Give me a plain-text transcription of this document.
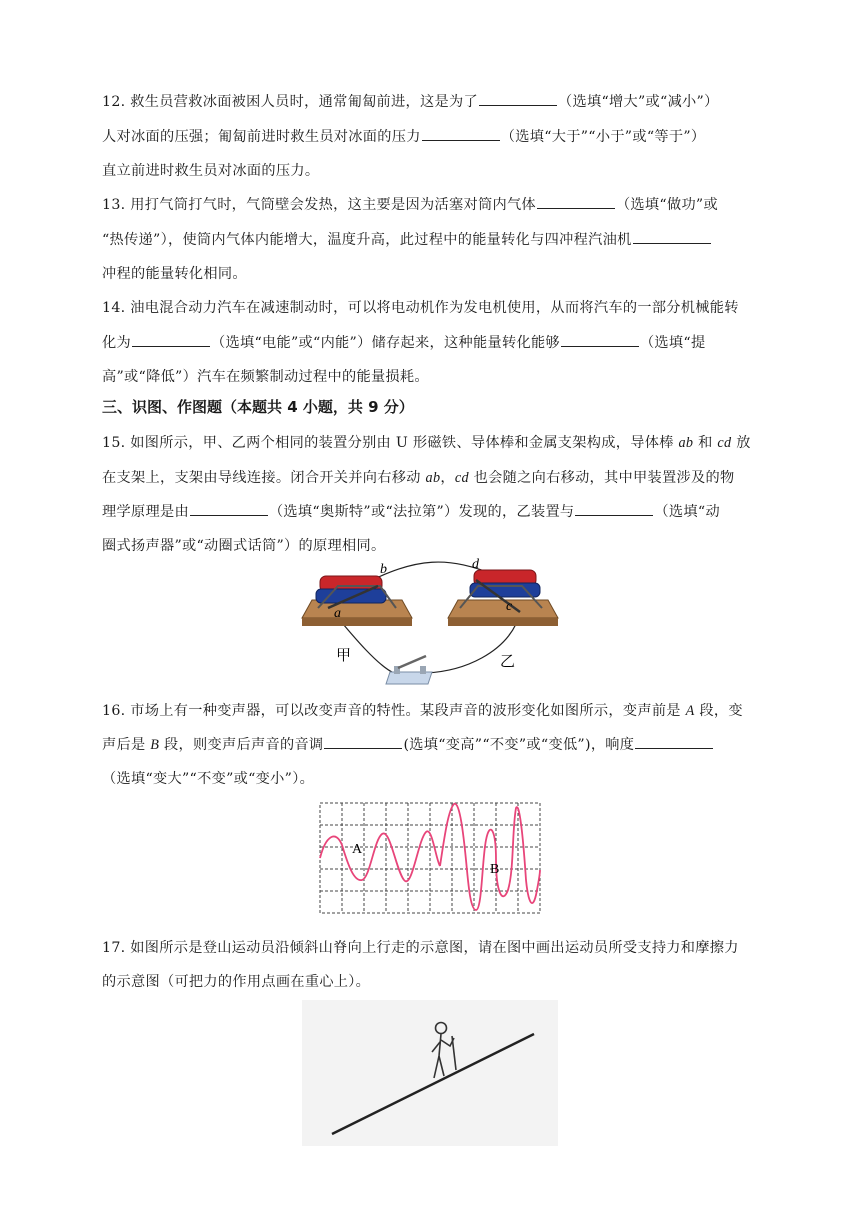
12. 救生员营救冰面被困人员时，通常匍匐前进，这是为了	（选填“增大”或“减小”）
人对冰面的压强；匍匐前进时救生员对冰面的压力	（选填“大于”“小于”或“等于”）
直立前进时救生员对冰面的压力。
13. 用打气筒打气时，气筒壁会发热，这主要是因为活塞对筒内气体	（选填“做功”或
“热传递”），使筒内气体内能增大，温度升高，此过程中的能量转化与四冲程汽油机
冲程的能量转化相同。
14. 油电混合动力汽车在减速制动时，可以将电动机作为发电机使用，从而将汽车的一部分机械能转
化为	（选填“电能”或“内能”）储存起来，这种能量转化能够	（选填“提
高”或“降低”）汽车在频繁制动过程中的能量损耗。
三、识图、作图题（本题共 4 小题，共 9 分）
15. 如图所示，甲、乙两个相同的装置分别由 U 形磁铁、导体棒和金属支架构成，导体棒 ab 和 cd 放
在支架上，支架由导线连接。闭合开关并向右移动 ab，cd 也会随之向右移动，其中甲装置涉及的物
理学原理是由	（选填“奥斯特”或“法拉第”）发现的，乙装置与	（选填“动
圈式扬声器”或“动圈式话筒”）的原理相同。
a
b
c
d
甲	乙
16. 市场上有一种变声器，可以改变声音的特性。某段声音的波形变化如图所示，变声前是 A 段，变
声后是 B 段，则变声后声音的音调	(选填“变高”“不变”或“变低”)，响度
（选填“变大”“不变”或“变小”）。
A
B
17. 如图所示是登山运动员沿倾斜山脊向上行走的示意图，请在图中画出运动员所受支持力和摩擦力
的示意图（可把力的作用点画在重心上）。
